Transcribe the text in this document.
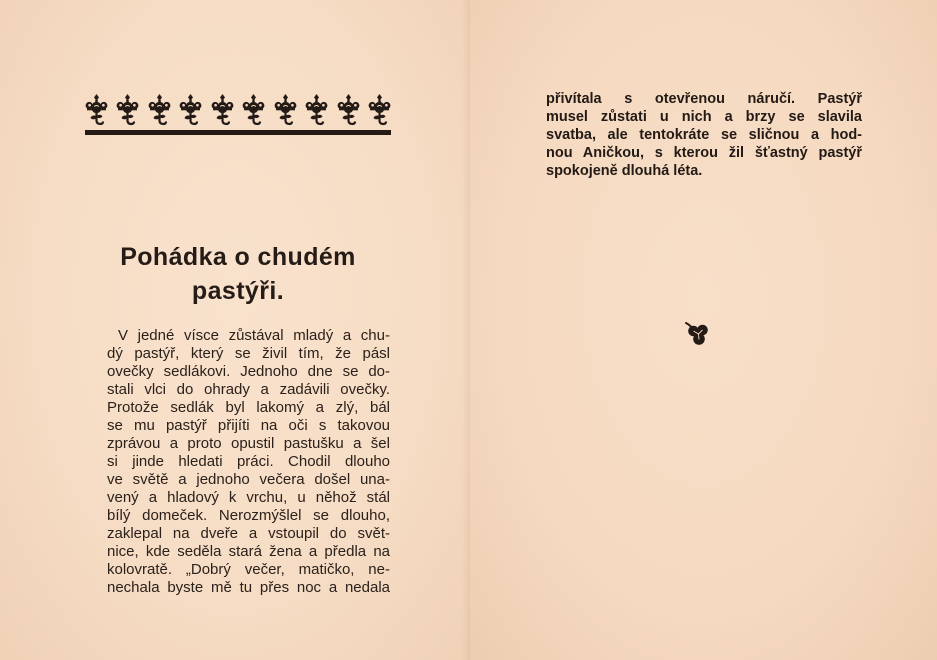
Pohádka o chudém
pastýři.
V jedné vísce zůstával mladý a chu-
dý pastýř, který se živil tím, že pásl
ovečky sedlákovi. Jednoho dne se do-
stali vlci do ohrady a zadávili ovečky.
Protože sedlák byl lakomý a zlý, bál
se mu pastýř přijíti na oči s takovou
zprávou a proto opustil pastušku a šel
si jinde hledati práci. Chodil dlouho
ve světě a jednoho večera došel una-
vený a hladový k vrchu, u něhož stál
bílý domeček. Nerozmýšlel se dlouho,
zaklepal na dveře a vstoupil do svět-
nice, kde seděla stará žena a předla na
kolovratě. „Dobrý večer, matičko, ne-
nechala byste mě tu přes noc a nedala
přivítala s otevřenou náručí. Pastýř
musel zůstati u nich a brzy se slavila
svatba, ale tentokráte se sličnou a hod-
nou Aničkou, s kterou žil šťastný pastýř
spokojeně dlouhá léta.
